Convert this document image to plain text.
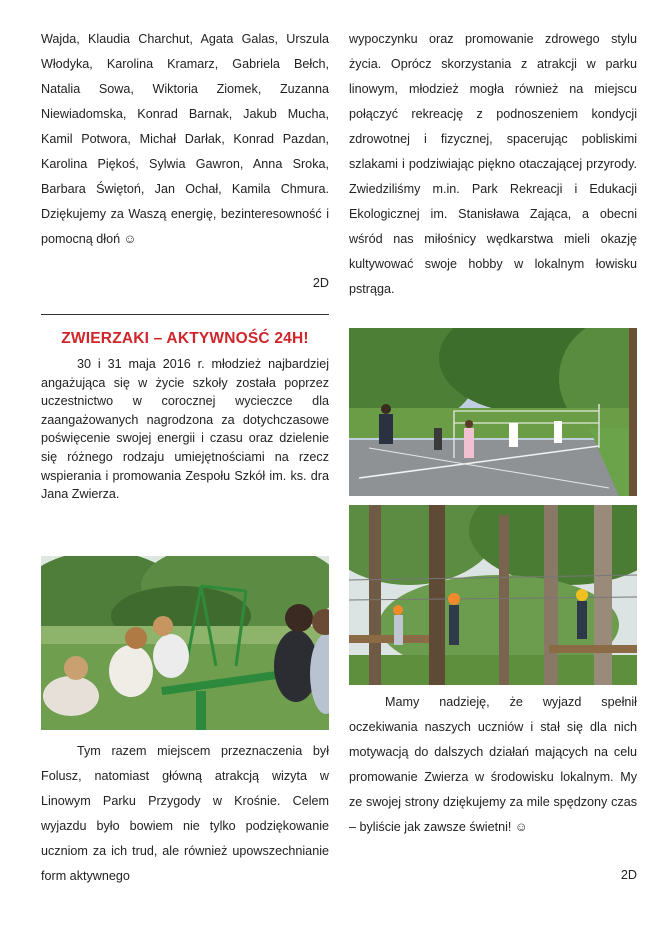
Wajda, Klaudia Charchut, Agata Galas, Urszula Włodyka, Karolina Kramarz, Gabriela Bełch, Natalia Sowa, Wiktoria Ziomek, Zuzanna Niewiadomska, Konrad Barnak, Jakub Mucha, Kamil Potwora, Michał Darłak, Konrad Pazdan, Karolina Piękoś, Sylwia Gawron, Anna Sroka, Barbara Świętoń, Jan Ochał, Kamila Chmura. Dziękujemy za Waszą energię, bezinteresowność i pomocną dłoń ☺

2D
ZWIERZAKI – AKTYWNOŚĆ 24H!

30 i 31 maja 2016 r. młodzież najbardziej angażująca się w życie szkoły została poprzez uczestnictwo w corocznej wycieczce dla zaangażowanych nagrodzona za dotychczasowe poświęcenie swojej energii i czasu oraz dzielenie się różnego rodzaju umiejętnościami na rzecz wspierania i promowania Zespołu Szkół im. ks. dra Jana Zwierza.

Tym razem miejscem przeznaczenia był Folusz, natomiast główną atrakcją wizyta w Linowym Parku Przygody w Krośnie. Celem wyjazdu było bowiem nie tylko podziękowanie uczniom za ich trud, ale również upowszechnianie form aktywnego

wypoczynku oraz promowanie zdrowego stylu życia. Oprócz skorzystania z atrakcji w parku linowym, młodzież mogła również na miejscu połączyć rekreację z podnoszeniem kondycji zdrowotnej i fizycznej, spacerując pobliskimi szlakami i podziwiając piękno otaczającej przyrody. Zwiedziliśmy m.in. Park Rekreacji i Edukacji Ekologicznej im. Stanisława Zająca, a obecni wśród nas miłośnicy wędkarstwa mieli okazję kultywować swoje hobby w lokalnym łowisku pstrąga.

Mamy nadzieję, że wyjazd spełnił oczekiwania naszych uczniów i stał się dla nich motywacją do dalszych działań mających na celu promowanie Zwierza w środowisku lokalnym. My ze swojej strony dziękujemy za mile spędzony czas – byliście jak zawsze świetni! ☺

2D
